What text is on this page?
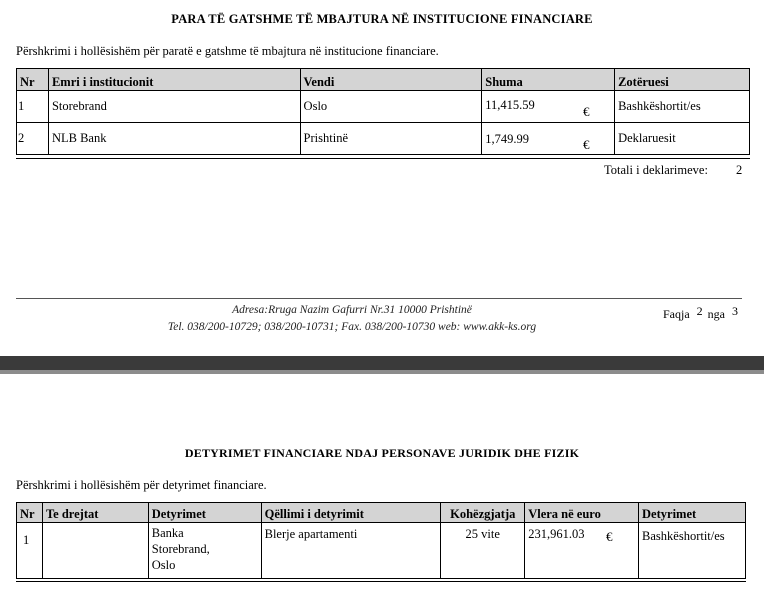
PARA TË GATSHME TË MBAJTURA NË INSTITUCIONE FINANCIARE
Përshkrimi i hollësishëm për paratë e gatshme të mbajtura në institucione financiare.
Nr	Emri i institucionit	Vendi	Shuma	Zotëruesi
1	Storebrand	Oslo	11,415.59	Bashkëshortit/es
2	NLB Bank	Prishtinë	1,749.99	Deklaruesit
€
€
Totali i deklarimeve: 2
Adresa:Rruga Nazim Gafurri Nr.31 10000 Prishtinë
Tel. 038/200-10729; 038/200-10731; Fax. 038/200-10730 web: www.akk-ks.org
Faqja 2 nga 3
DETYRIMET FINANCIARE NDAJ PERSONAVE JURIDIK DHE FIZIK
Përshkrimi i hollësishëm për detyrimet financiare.
Nr	Te drejtat	Detyrimet	Qëllimi i detyrimit	Kohëzgjatja	Vlera në euro	Detyrimet
1		Banka
Storebrand,
Oslo	Blerje apartamenti	25 vite	231,961.03	Bashkëshortit/es
€
